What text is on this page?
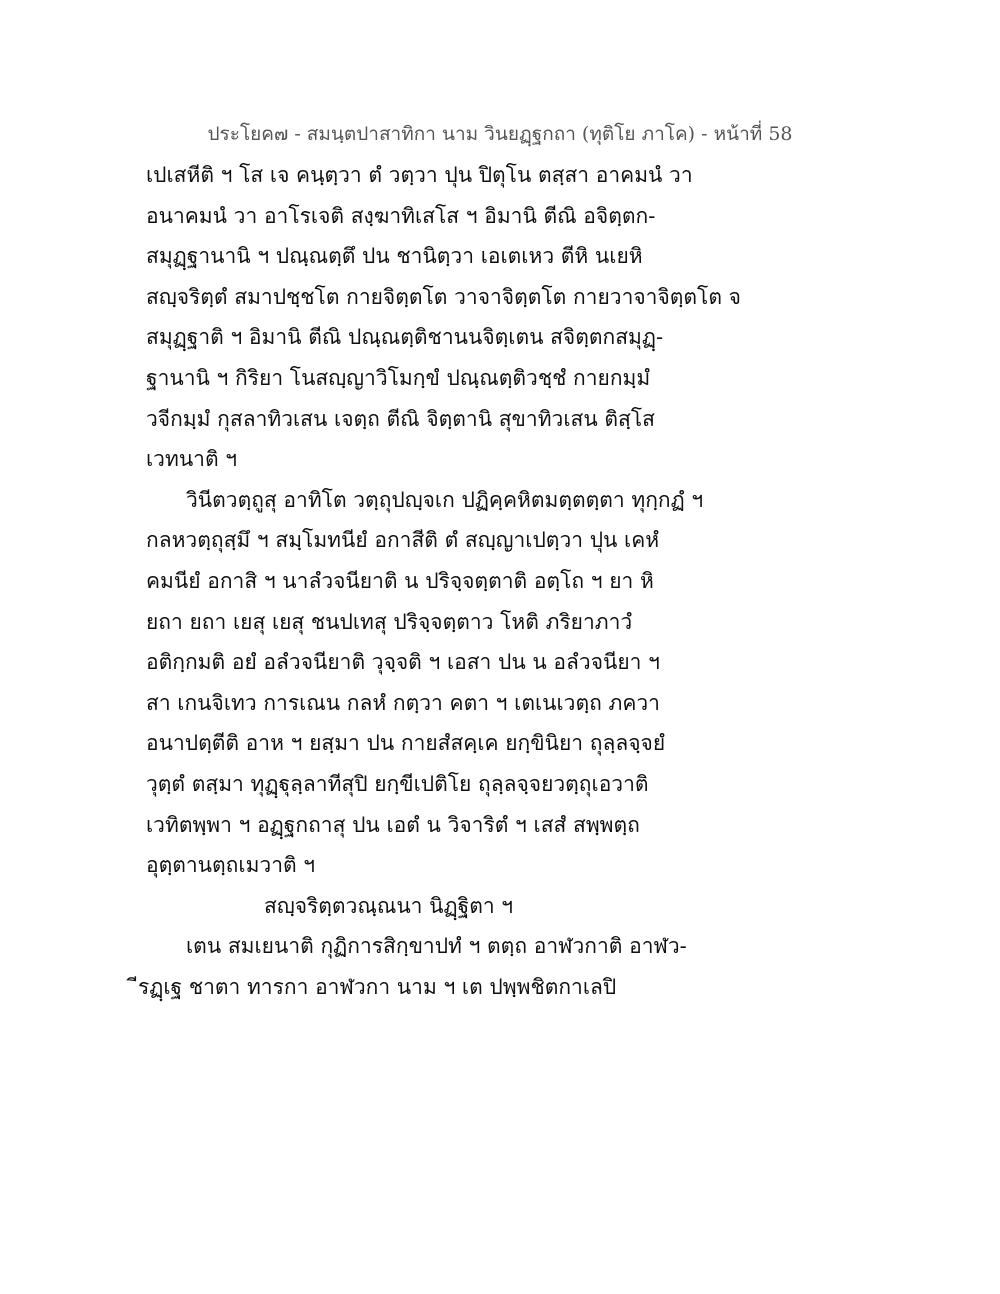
ประโยค๗ - สมนฺตปาสาทิกา นาม วินยฏฺฐกถา (ทุติโย ภาโค) - หน้าที่ 58
เปเสหีติ ฯ โส เจ คนฺตฺวา ตํ วตฺวา ปุน ปิตุโน ตสฺสา อาคมนํ วา
อนาคมนํ วา อาโรเจติ สงฺฆาทิเสโส ฯ อิมานิ ตีณิ อจิตฺตก-
สมุฏฺฐานานิ ฯ ปณฺณตฺตึ ปน ชานิตฺวา เอเตเหว ตีหิ นเยหิ
สญฺจริตฺตํ สมาปชฺชโต กายจิตฺตโต วาจาจิตฺตโต กายวาจาจิตฺตโต จ
สมุฏฺฐาติ ฯ อิมานิ ตีณิ ปณฺณตฺติชานนจิตฺเตน สจิตฺตกสมุฏฺ-
ฐานานิ ฯ กิริยา โนสญฺญาวิโมกฺขํ ปณฺณตฺติวชฺชํ กายกมฺมํ
วจีกมฺมํ กุสลาทิวเสน เจตฺถ ตีณิ จิตฺตานิ สุขาทิวเสน ติสฺโส
เวทนาติ ฯ
วินีตวตฺถูสุ อาทิโต วตฺถุปญฺจเก ปฏิคฺคหิตมตฺตตฺตา ทุกฺกฏํ ฯ
กลหวตฺถุสฺมึ ฯ สมฺโมทนียํ อกาสีติ ตํ สญฺญาเปตฺวา ปุน เคหํ
คมนียํ อกาสิ ฯ นาลํวจนียาติ น ปริจฺจตฺตาติ อตฺโถ ฯ ยา หิ
ยถา ยถา เยสุ เยสุ ชนปเทสุ ปริจฺจตฺตาว โหติ ภริยาภาวํ
อติกฺกมติ อยํ อลํวจนียาติ วุจฺจติ ฯ เอสา ปน น อลํวจนียา ฯ
สา เกนจิเทว การเณน กลหํ กตฺวา คตา ฯ เตเนเวตฺถ ภควา
อนาปตฺตีติ อาห ฯ ยสฺมา ปน กายสํสคฺเค ยกฺขินิยา ถุลฺลจฺจยํ
วุตฺตํ ตสฺมา ทุฏฺฐุลฺลาทีสุปิ ยกฺขีเปติโย ถุลฺลจฺจยวตฺถุเอวาติ
เวทิตพฺพา ฯ อฏฺฐกถาสุ ปน เอตํ น วิจาริตํ ฯ เสสํ สพฺพตฺถ
อุตฺตานตฺถเมวาติ ฯ
สญฺจริตฺตวณฺณนา นิฏฺฐิตา ฯ
เตน สมเยนาติ กุฏิการสิกฺขาปทํ ฯ ตตฺถ อาฬวกาติ อาฬว-
ีรฏฺเฐ ชาตา ทารกา อาฬวกา นาม ฯ เต ปพฺพชิตกาเลปิ
